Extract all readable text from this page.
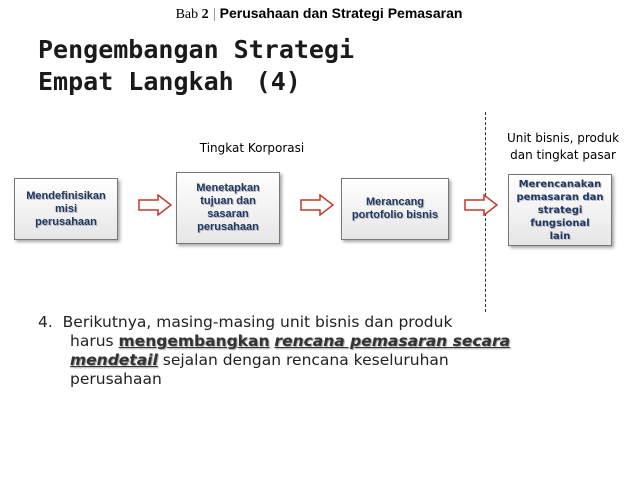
Bab 2 Perusahaan dan Strategi Pemasaran
Pengembangan Strategi
Empat Langkah (4)
Tingkat Korporasi
Unit bisnis, produk
dan tingkat pasar
Mendefinisikan
misi
perusahaan
Menetapkan
tujuan dan
sasaran
perusahaan
Merancang
portofolio bisnis
Merencanakan
pemasaran dan
strategi fungsional
lain
4. Berikutnya, masing-masing unit bisnis dan produk
harus mengembangkan rencana pemasaran secara
mendetail sejalan dengan rencana keseluruhan
perusahaan
